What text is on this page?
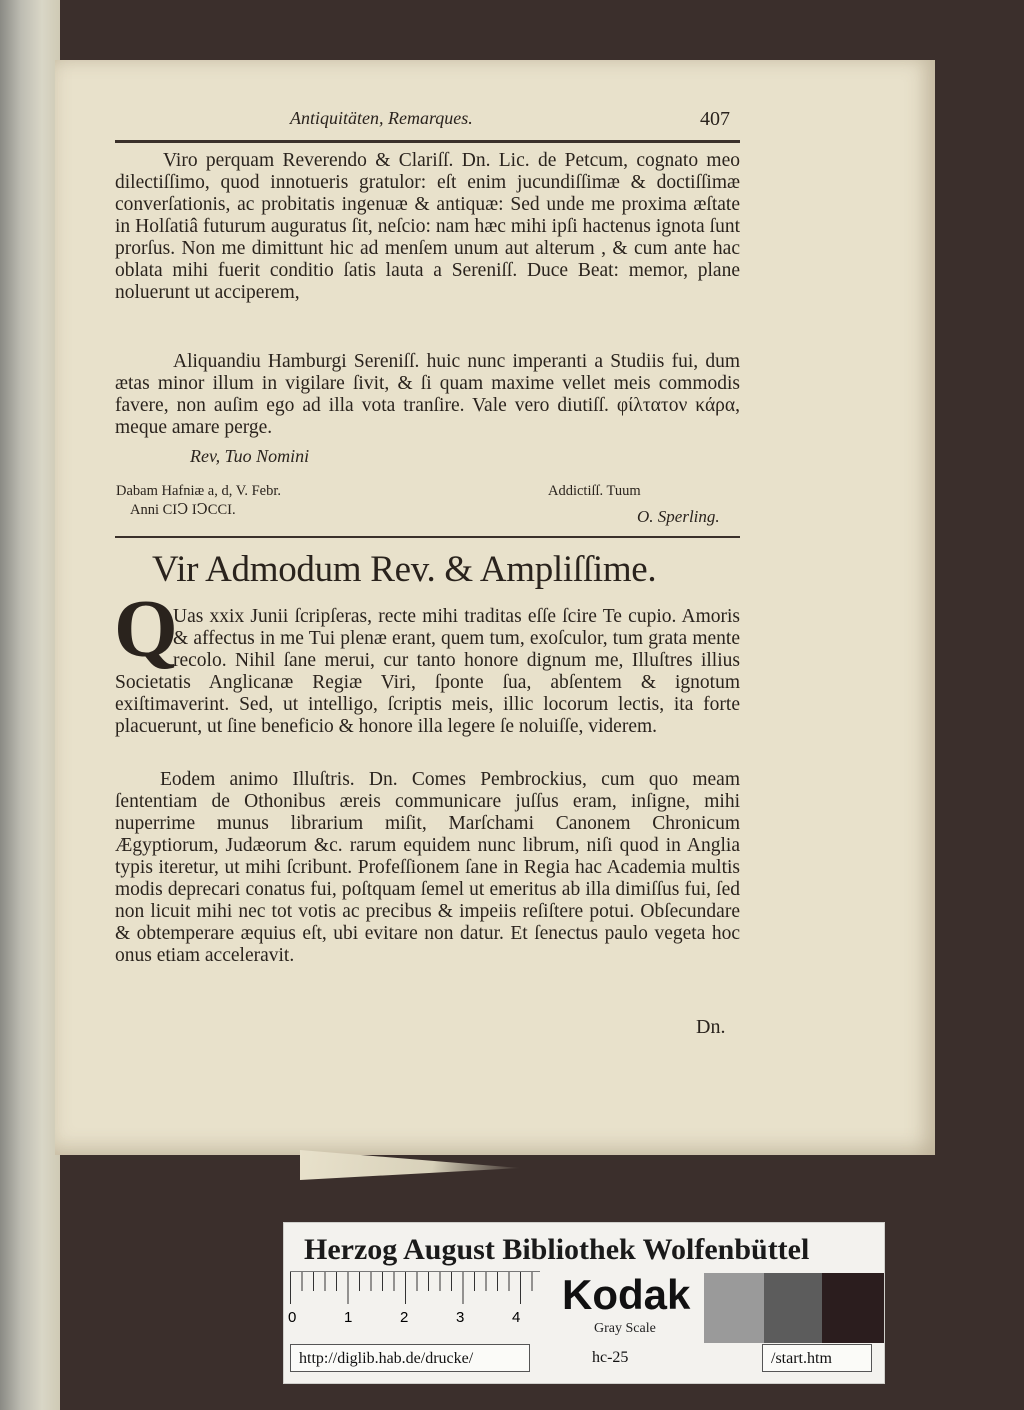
Antiquitäten, Remarques.	407

Viro perquam Reverendo & Clariſſ. Dn. Lic. de Petcum, cognato meo dilectiſſimo, quod innotueris gratulor: eſt enim jucundiſſimæ & doctiſſimæ converſationis, ac probitatis ingenuæ & antiquæ: Sed unde me proxima æſtate in Holſatiâ futurum auguratus ſit, neſcio: nam hæc mihi ipſi hactenus ignota ſunt prorſus. Non me dimittunt hic ad menſem unum aut alterum , & cum ante hac oblata mihi fuerit conditio ſatis lauta a Sereniſſ. Duce Beat: memor, plane noluerunt ut acciperem,

Aliquandiu Hamburgi Sereniſſ. huic nunc imperanti a Studiis fui, dum ætas minor illum in vigilare ſivit, & ſi quam maxime vellet meis commodis favere, non auſim ego ad illa vota tranſire. Vale vero diutiſſ. φίλτατον κάρα, meque amare perge.

Rev, Tuo Nomini
Dabam Hafniæ a, d, V. Febr.
Anni CIↃ IↃCCI.
Addictiſſ. Tuum
O. Sperling.
Vir Admodum Rev. & Ampliſſime.
Q

Uas xxix Junii ſcripſeras, recte mihi traditas eſſe ſcire Te cupio. Amoris & affectus in me Tui plenæ erant, quem tum, exoſculor, tum grata mente recolo. Nihil ſane merui, cur tanto honore dignum me, Illuſtres illius Societatis Anglicanæ Regiæ Viri, ſponte ſua, abſentem & ignotum exiſtimaverint. Sed, ut intelligo, ſcriptis meis, illic locorum lectis, ita forte placuerunt, ut ſine beneficio & honore illa legere ſe noluiſſe, viderem.

Eodem animo Illuſtris. Dn. Comes Pembrockius, cum quo meam ſententiam de Othonibus æreis communicare juſſus eram, inſigne, mihi nuperrime munus librarium miſit, Marſchami Canonem Chronicum Ægyptiorum, Judæorum &c. rarum equidem nunc librum, niſi quod in Anglia typis iteretur, ut mihi ſcribunt. Profeſſionem ſane in Regia hac Academia multis modis deprecari conatus fui, poſtquam ſemel ut emeritus ab illa dimiſſus fui, ſed non licuit mihi nec tot votis ac precibus & impeiis reſiſtere potui. Obſecundare & obtemperare æquius eſt, ubi evitare non datur. Et ſenectus paulo vegeta hoc onus etiam acceleravit.

Dn.
Herzog August Bibliothek Wolfenbüttel
0	1	2	3	4 Kodak
Gray Scale
http://diglib.hab.de/drucke/	hc-25	/start.htm
